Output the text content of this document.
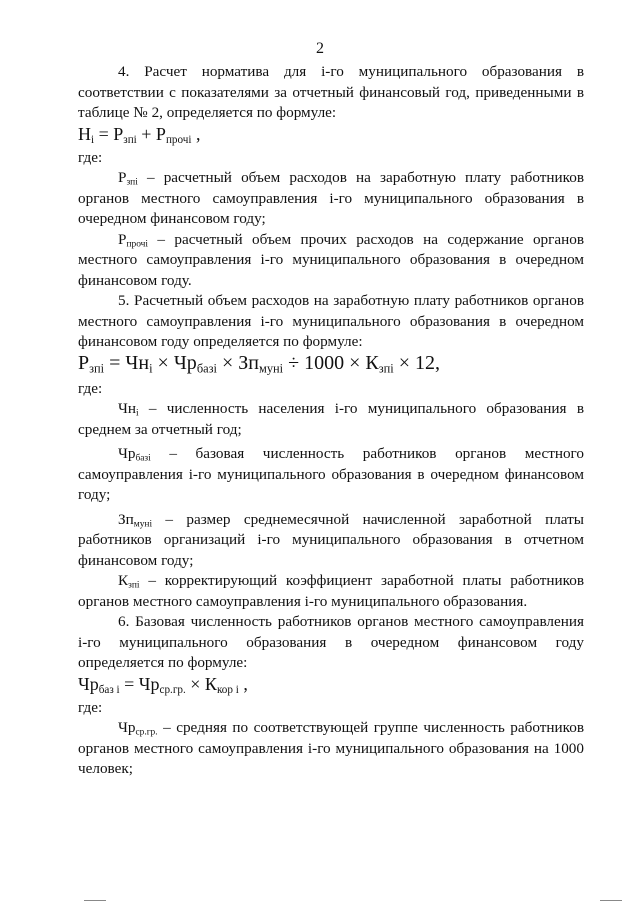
2

4. Расчет норматива для i-го муниципального образования в соответствии с показателями за отчетный финансовый год, приведенными в таблице № 2, определяется по формуле:

$Н_i = Р_{зпi} + Р_{прочi}$ ,

где:

$Р_{зпi}$ – расчетный объем расходов на заработную плату работников органов местного самоуправления i-го муниципального образования в очередном финансовом году;

$Р_{прочi}$ – расчетный объем прочих расходов на содержание органов местного самоуправления i-го муниципального образования в очередном финансовом году.

5. Расчетный объем расходов на заработную плату работников органов местного самоуправления i-го муниципального образования в очередном финансовом году определяется по формуле:

$Р_{зпi} = Чн_i \times Чр_{базi} \times Зп_{мунi} \div 1000 \times К_{зпi} \times 12$,

где:

$Чн_i$ – численность населения i-го муниципального образования в среднем за отчетный год;

$Чр_{базi}$ – базовая численность работников органов местного самоуправления i-го муниципального образования в очередном финансовом году;

$Зп_{мунi}$ – размер среднемесячной начисленной заработной платы работников организаций i-го муниципального образования в отчетном финансовом году;

$К_{зпi}$ – корректирующий коэффициент заработной платы работников органов местного самоуправления i-го муниципального образования.

6. Базовая численность работников органов местного самоуправления i-го муниципального образования в очередном финансовом году определяется по формуле:

$Чр_{баз i} = Чр_{ср.гр.} \times К_{кор i}$ ,

где:

$Чр_{ср.гр.}$ – средняя по соответствующей группе численность работников органов местного самоуправления i-го муниципального образования на 1000 человек;
